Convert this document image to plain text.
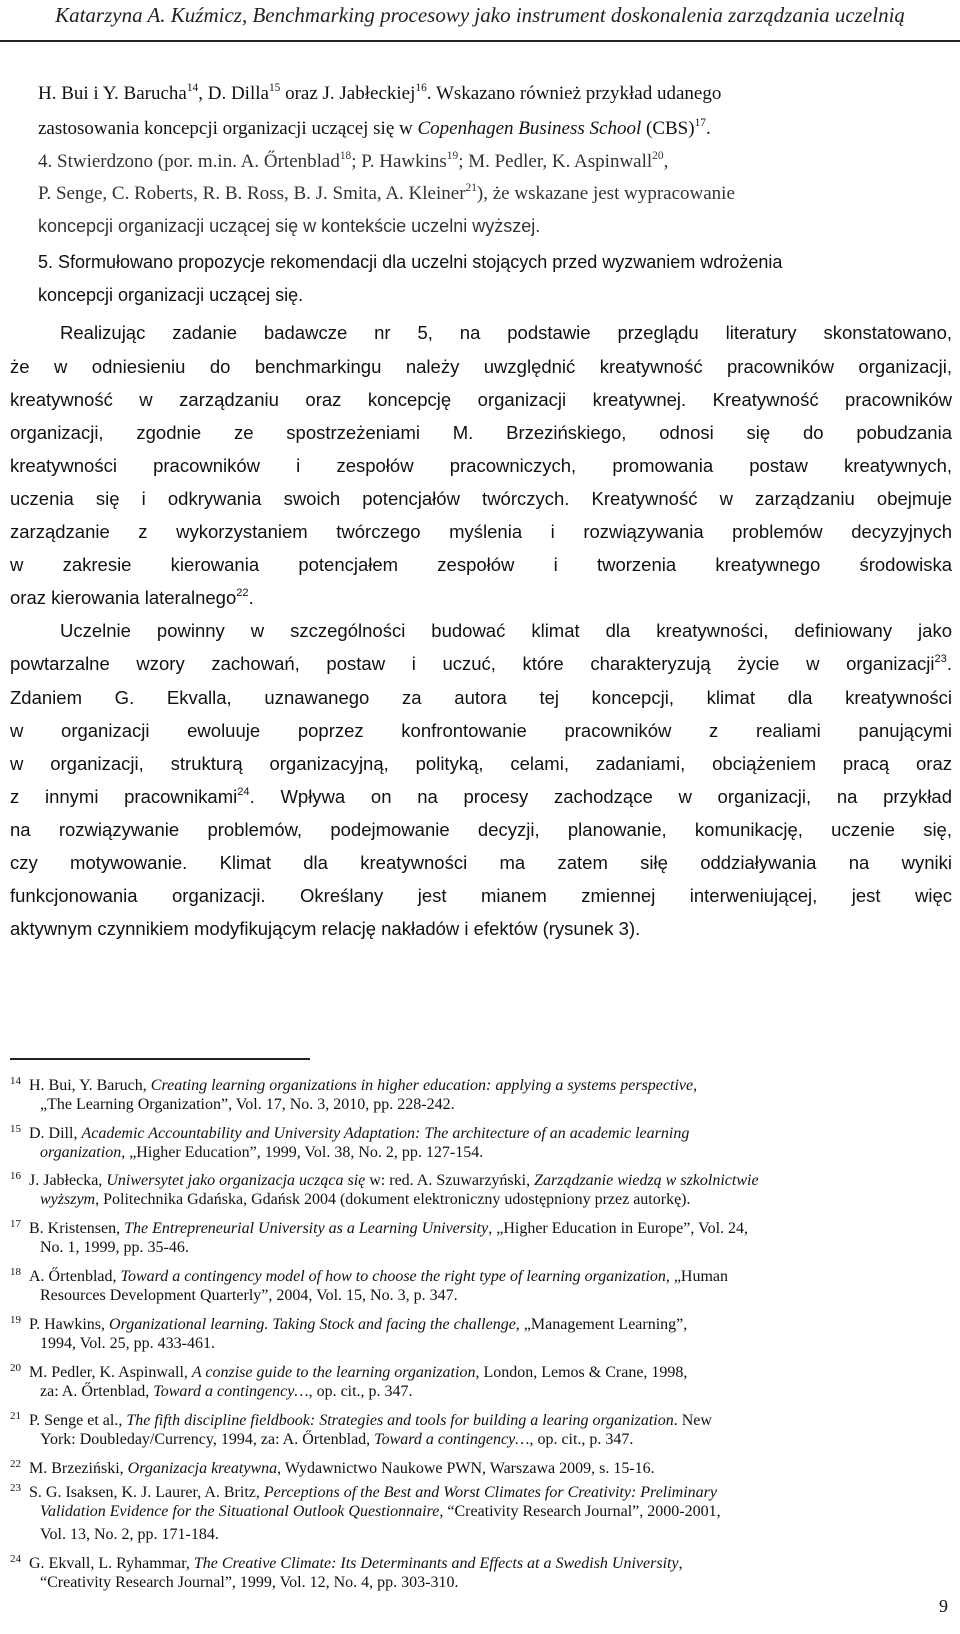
Katarzyna A. Kuźmicz, Benchmarking procesowy jako instrument doskonalenia zarządzania uczelnią
H. Bui i Y. Barucha$^{14}$, D. Dilla$^{15}$ oraz J. Jabłeckiej$^{16}$. Wskazano również przykład udanego
zastosowania koncepcji organizacji uczącej się w Copenhagen Business School (CBS)$^{17}$.
4. Stwierdzono (por. m.in. A. Őrtenblad$^{18}$; P. Hawkins$^{19}$; M. Pedler, K. Aspinwall$^{20}$,
P. Senge, C. Roberts, R. B. Ross, B. J. Smita, A. Kleiner$^{21}$), że wskazane jest wypracowanie
koncepcji organizacji uczącej się w kontekście uczelni wyższej.
5. Sformułowano propozycje rekomendacji dla uczelni stojących przed wyzwaniem wdrożenia
koncepcji organizacji uczącej się.
Realizując zadanie badawcze nr 5, na podstawie przeglądu literatury skonstatowano,
że w odniesieniu do benchmarkingu należy uwzględnić kreatywność pracowników organizacji,
kreatywność w zarządzaniu oraz koncepcję organizacji kreatywnej. Kreatywność pracowników
organizacji, zgodnie ze spostrzeżeniami M. Brzezińskiego, odnosi się do pobudzania
kreatywności pracowników i zespołów pracowniczych, promowania postaw kreatywnych,
uczenia się i odkrywania swoich potencjałów twórczych. Kreatywność w zarządzaniu obejmuje
zarządzanie z wykorzystaniem twórczego myślenia i rozwiązywania problemów decyzyjnych
w zakresie kierowania potencjałem zespołów i tworzenia kreatywnego środowiska
oraz kierowania lateralnego$^{22}$.
Uczelnie powinny w szczególności budować klimat dla kreatywności, definiowany jako
powtarzalne wzory zachowań, postaw i uczuć, które charakteryzują życie w organizacji$^{23}$.
Zdaniem G. Ekvalla, uznawanego za autora tej koncepcji, klimat dla kreatywności
w organizacji ewoluuje poprzez konfrontowanie pracowników z realiami panującymi
w organizacji, strukturą organizacyjną, polityką, celami, zadaniami, obciążeniem pracą oraz
z innymi pracownikami$^{24}$. Wpływa on na procesy zachodzące w organizacji, na przykład
na rozwiązywanie problemów, podejmowanie decyzji, planowanie, komunikację, uczenie się,
czy motywowanie. Klimat dla kreatywności ma zatem siłę oddziaływania na wyniki
funkcjonowania organizacji. Określany jest mianem zmiennej interweniującej, jest więc
aktywnym czynnikiem modyfikującym relację nakładów i efektów (rysunek 3).
$^{14}$ H. Bui, Y. Baruch, Creating learning organizations in higher education: applying a systems perspective,
„The Learning Organization”, Vol. 17, No. 3, 2010, pp. 228-242.
$^{15}$ D. Dill, Academic Accountability and University Adaptation: The architecture of an academic learning
organization, „Higher Education”, 1999, Vol. 38, No. 2, pp. 127-154.
$^{16}$ J. Jabłecka, Uniwersytet jako organizacja ucząca się w: red. A. Szuwarzyński, Zarządzanie wiedzą w szkolnictwie
wyższym, Politechnika Gdańska, Gdańsk 2004 (dokument elektroniczny udostępniony przez autorkę).
$^{17}$ B. Kristensen, The Entrepreneurial University as a Learning University, „Higher Education in Europe”, Vol. 24,
No. 1, 1999, pp. 35-46.
$^{18}$ A. Őrtenblad, Toward a contingency model of how to choose the right type of learning organization, „Human
Resources Development Quarterly”, 2004, Vol. 15, No. 3, p. 347.
$^{19}$ P. Hawkins, Organizational learning. Taking Stock and facing the challenge, „Management Learning”,
1994, Vol. 25, pp. 433-461.
$^{20}$ M. Pedler, K. Aspinwall, A conzise guide to the learning organization, London, Lemos & Crane, 1998,
za: A. Őrtenblad, Toward a contingency…, op. cit., p. 347.
$^{21}$ P. Senge et al., The fifth discipline fieldbook: Strategies and tools for building a learing organization. New
York: Doubleday/Currency, 1994, za: A. Őrtenblad, Toward a contingency…, op. cit., p. 347.
$^{22}$ M. Brzeziński, Organizacja kreatywna, Wydawnictwo Naukowe PWN, Warszawa 2009, s. 15-16.
$^{23}$ S. G. Isaksen, K. J. Laurer, A. Britz, Perceptions of the Best and Worst Climates for Creativity: Preliminary
Validation Evidence for the Situational Outlook Questionnaire, “Creativity Research Journal”, 2000-2001,
Vol. 13, No. 2, pp. 171-184.
$^{24}$ G. Ekvall, L. Ryhammar, The Creative Climate: Its Determinants and Effects at a Swedish University,
“Creativity Research Journal”, 1999, Vol. 12, No. 4, pp. 303-310.
9
